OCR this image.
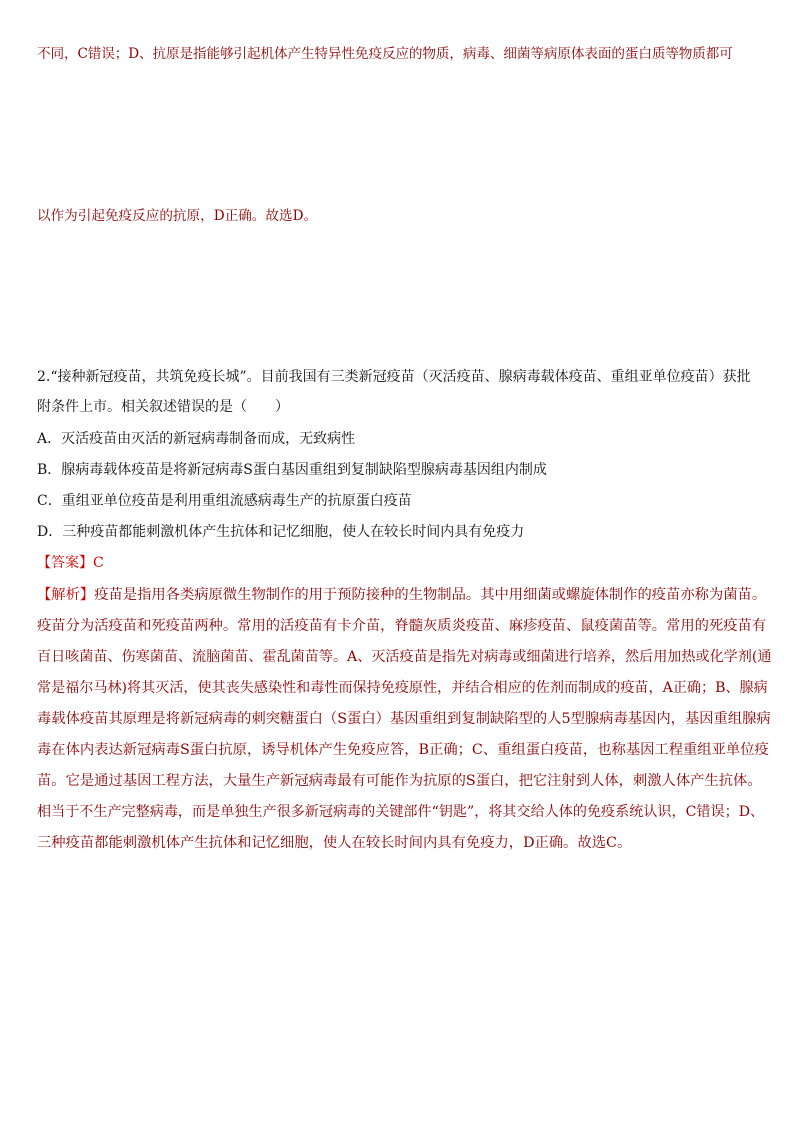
不同，C错误；D、抗原是指能够引起机体产生特异性免疫反应的物质，病毒、细菌等病原体表面的蛋白质等物质都可
以作为引起免疫反应的抗原，D正确。故选D。
2.“接种新冠疫苗，共筑免疫长城”。目前我国有三类新冠疫苗（灭活疫苗、腺病毒载体疫苗、重组亚单位疫苗）获批
附条件上市。相关叙述错误的是（　　）
A．灭活疫苗由灭活的新冠病毒制备而成，无致病性
B．腺病毒载体疫苗是将新冠病毒S蛋白基因重组到复制缺陷型腺病毒基因组内制成
C．重组亚单位疫苗是利用重组流感病毒生产的抗原蛋白疫苗
D．三种疫苗都能刺激机体产生抗体和记忆细胞，使人在较长时间内具有免疫力
【答案】C
【解析】疫苗是指用各类病原微生物制作的用于预防接种的生物制品。其中用细菌或螺旋体制作的疫苗亦称为菌苗。
疫苗分为活疫苗和死疫苗两种。常用的活疫苗有卡介苗，脊髓灰质炎疫苗、麻疹疫苗、鼠疫菌苗等。常用的死疫苗有
百日咳菌苗、伤寒菌苗、流脑菌苗、霍乱菌苗等。A、灭活疫苗是指先对病毒或细菌进行培养，然后用加热或化学剂(通
常是福尔马林)将其灭活，使其丧失感染性和毒性而保持免疫原性，并结合相应的佐剂而制成的疫苗，A正确；B、腺病
毒载体疫苗其原理是将新冠病毒的刺突糖蛋白（S蛋白）基因重组到复制缺陷型的人5型腺病毒基因内，基因重组腺病
毒在体内表达新冠病毒S蛋白抗原，诱导机体产生免疫应答，B正确；C、重组蛋白疫苗，也称基因工程重组亚单位疫
苗。它是通过基因工程方法，大量生产新冠病毒最有可能作为抗原的S蛋白，把它注射到人体，刺激人体产生抗体。
相当于不生产完整病毒，而是单独生产很多新冠病毒的关键部件“钥匙”，将其交给人体的免疫系统认识，C错误；D、
三种疫苗都能刺激机体产生抗体和记忆细胞，使人在较长时间内具有免疫力，D正确。故选C。
